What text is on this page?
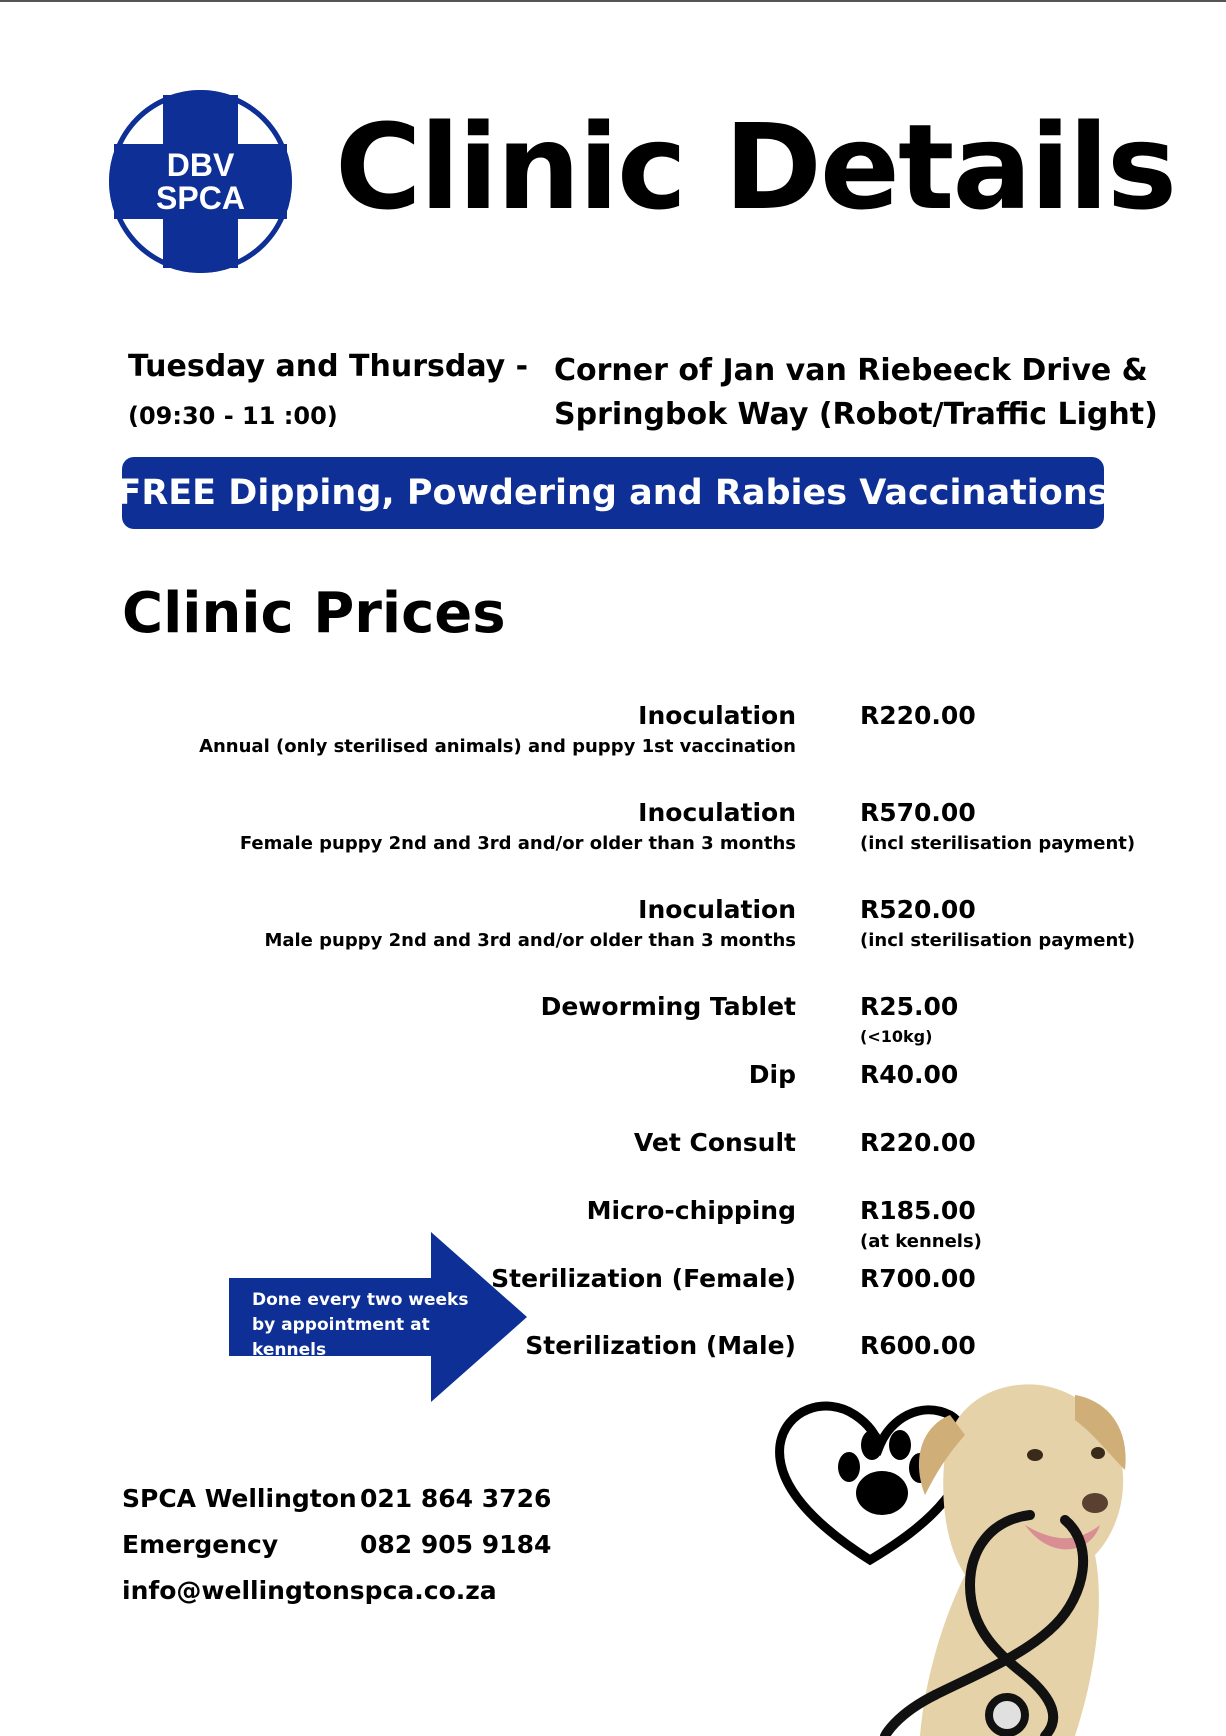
DBV
SPCA Clinic Details
Tuesday and Thursday -
(09:30 - 11 :00)
Corner of Jan van Riebeeck Drive &
Springbok Way (Robot/Traffic Light)
FREE Dipping, Powdering and Rabies Vaccinations
Clinic Prices
Inoculation
Annual (only sterilised animals) and puppy 1st vaccination
R220.00
Inoculation
Female puppy 2nd and 3rd and/or older than 3 months
R570.00
(incl sterilisation payment)
Inoculation
Male puppy 2nd and 3rd and/or older than 3 months
R520.00
(incl sterilisation payment)
Deworming Tablet	R25.00
(<10kg)
Dip	R40.00
Vet Consult	R220.00
Micro-chipping	R185.00
(at kennels)
Sterilization (Female)	R700.00
Sterilization (Male)	R600.00
Done every two weeks by appointment at kennels
SPCA Wellington 021 864 3726
Emergency	082 905 9184
info@wellingtonspca.co.za
